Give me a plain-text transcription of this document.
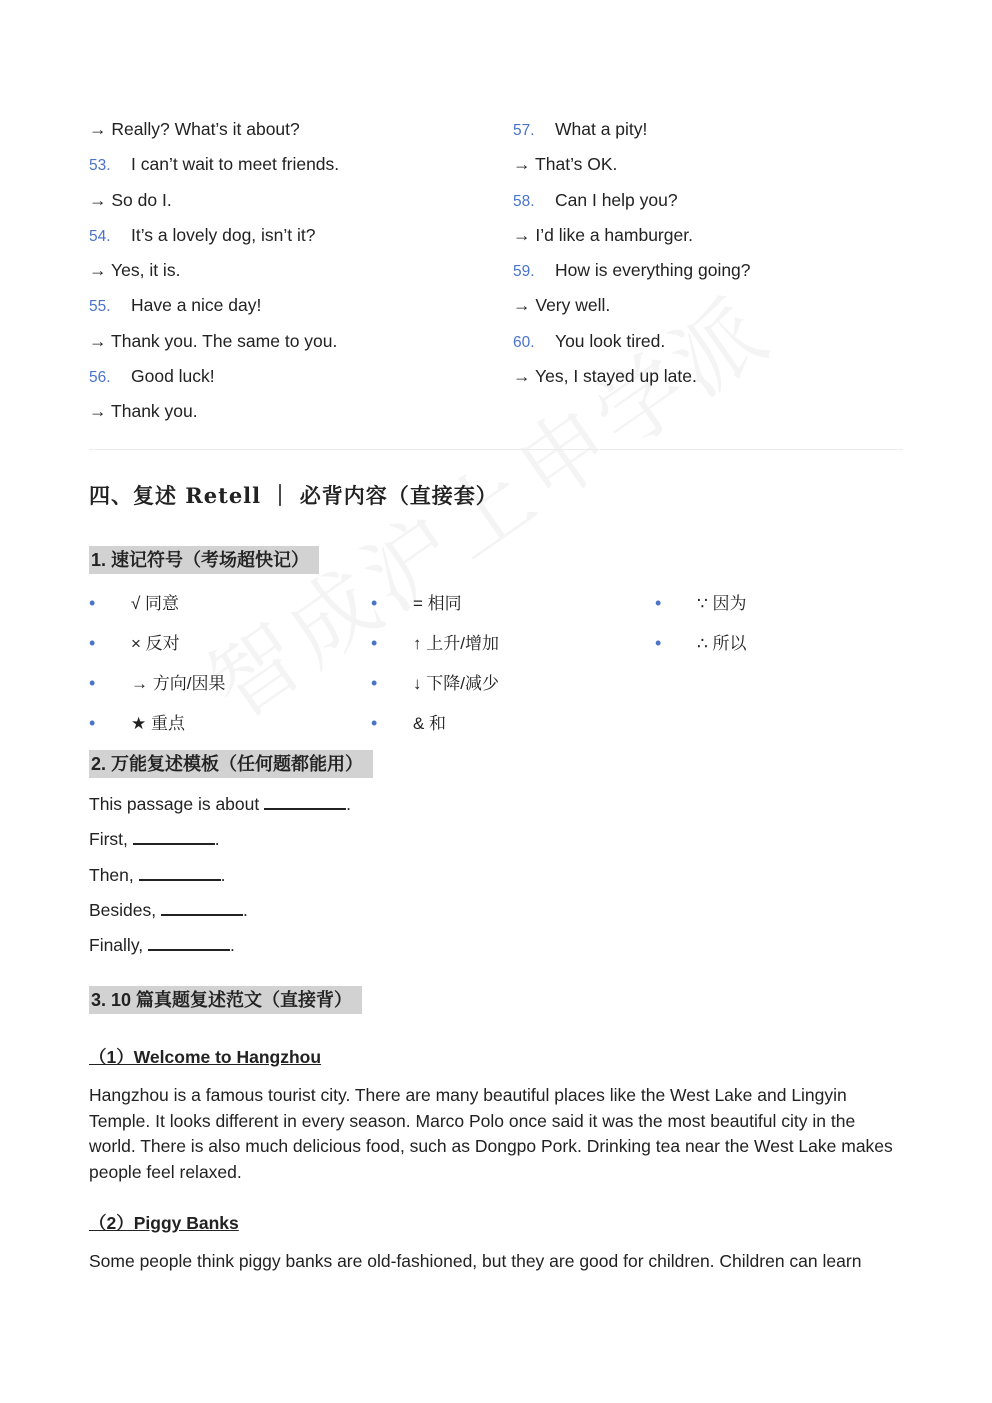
→ Really? What’s it about?
53. I can’t wait to meet friends.
→ So do I.
54. It’s a lovely dog, isn’t it?
→ Yes, it is.
55. Have a nice day!
→ Thank you. The same to you.
56. Good luck!
→ Thank you.
57. What a pity!
→ That’s OK.
58. Can I help you?
→ I’d like a hamburger.
59. How is everything going?
→ Very well.
60. You look tired.
→ Yes, I stayed up late.
四、复述 Retell ｜ 必背内容（直接套）
1. 速记符号（考场超快记）
• √ 同意
• × 反对
• → 方向/因果
• ★ 重点
• = 相同
• ↑ 上升/增加
• ↓ 下降/减少
• & 和
• ∵ 因为
• ∴ 所以
2. 万能复述模板（任何题都能用）
This passage is about	.
First,	.
Then,	.
Besides,	.
Finally,	.
3. 10 篇真题复述范文（直接背）
（1）Welcome to Hangzhou
Hangzhou is a famous tourist city. There are many beautiful places like the West Lake and Lingyin Temple. It looks different in every season. Marco Polo once said it was the most beautiful city in the world. There is also much delicious food, such as Dongpo Pork. Drinking tea near the West Lake makes people feel relaxed.
（2）Piggy Banks
Some people think piggy banks are old-fashioned, but they are good for children. Children can learn
